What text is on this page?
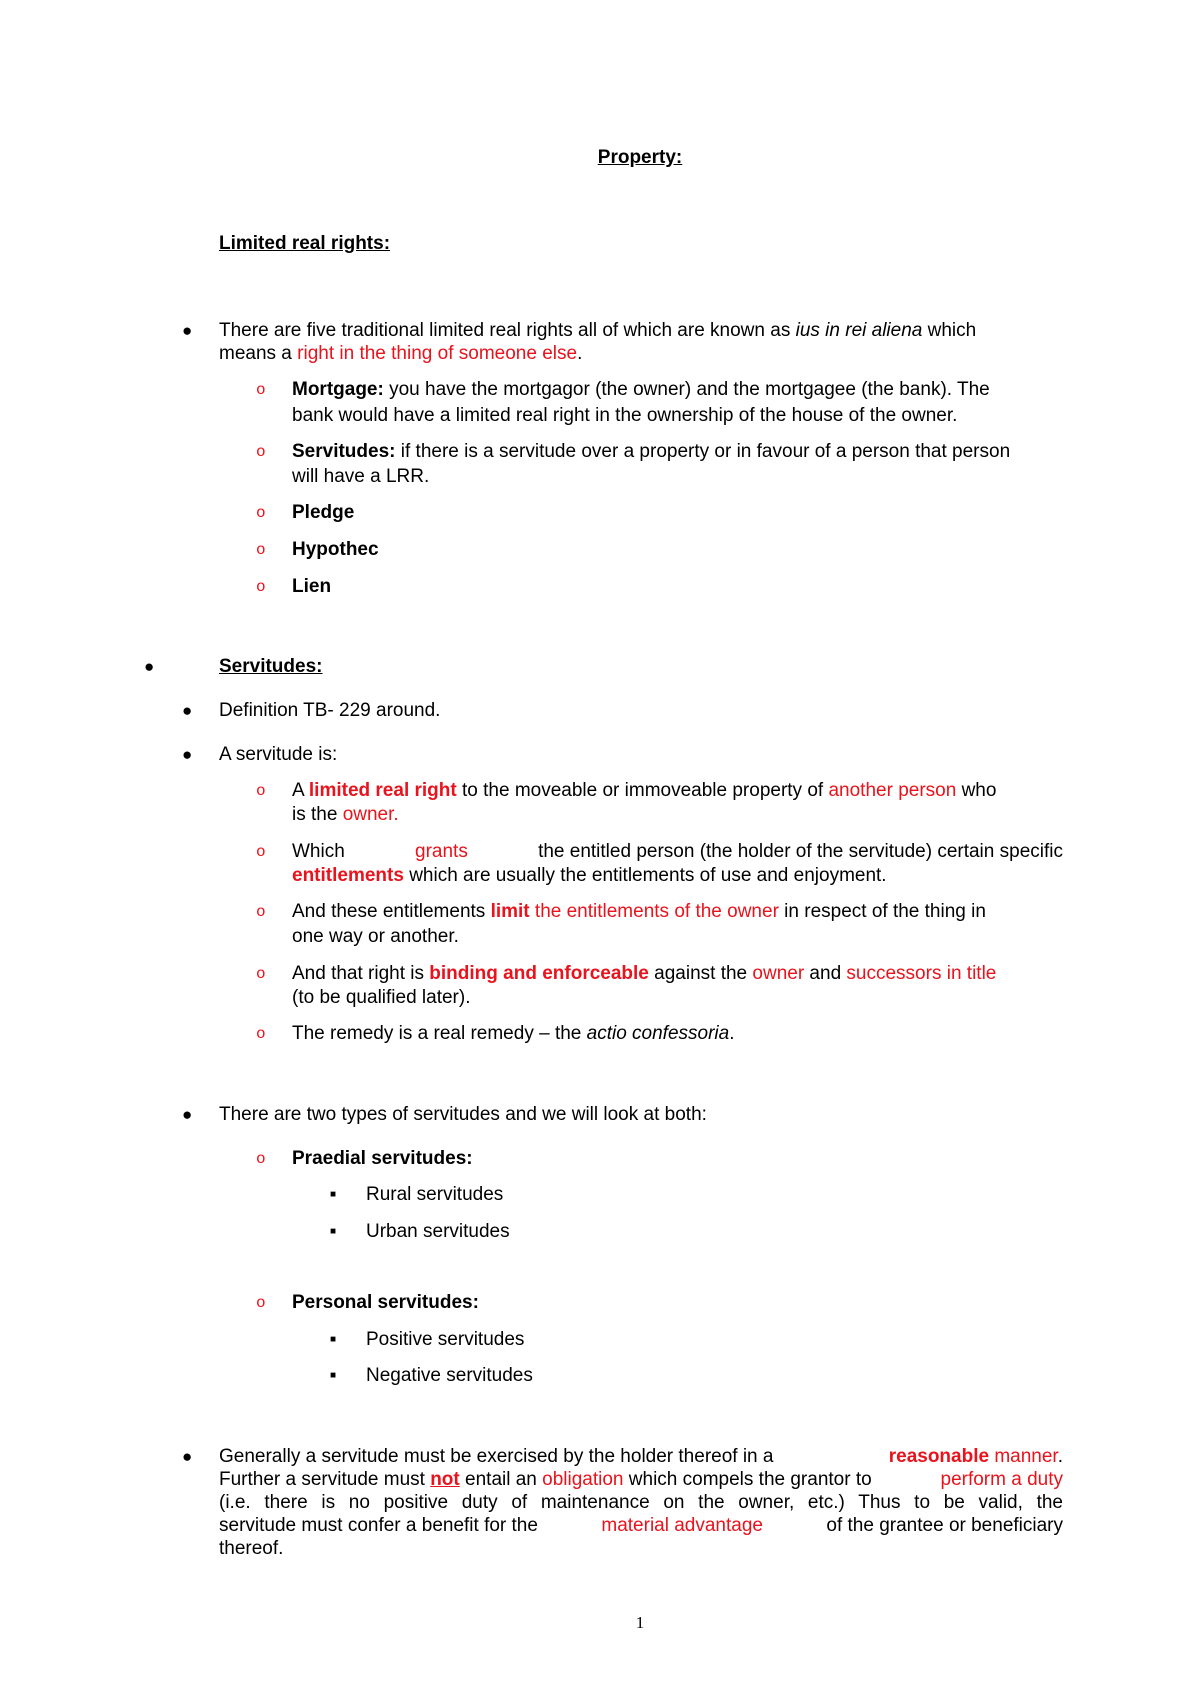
Property:
Limited real rights:
● There are five traditional limited real rights all of which are known as ius in rei aliena which
means a right in the thing of someone else.
o Mortgage: you have the mortgagor (the owner) and the mortgagee (the bank). The
bank would have a limited real right in the ownership of the house of the owner.
o Servitudes: if there is a servitude over a property or in favour of a person that person
will have a LRR.
o Pledge
o Hypothec
o Lien
●	Servitudes:
● Definition TB- 229 around.
● A servitude is:
o A limited real right to the moveable or immoveable property of another person who
is the owner.
o Which	grants	the entitled person (the holder of the servitude) certain specific
entitlements which are usually the entitlements of use and enjoyment.
o And these entitlements limit the entitlements of the owner in respect of the thing in
one way or another.
o And that right is binding and enforceable against the owner and successors in title
(to be qualified later).
o The remedy is a real remedy – the actio confessoria.
● There are two types of servitudes and we will look at both:
o Praedial servitudes:
■ Rural servitudes
■ Urban servitudes
o Personal servitudes:
■ Positive servitudes
■ Negative servitudes
● Generally a servitude must be exercised by the holder thereof in a	reasonable manner.
Further a servitude must not entail an obligation which compels the grantor to	perform a duty
(i.e. there is no positive duty of maintenance on the owner, etc.) Thus to be valid, the
servitude must confer a benefit for the	material advantage	of the grantee or beneficiary
thereof.
1
